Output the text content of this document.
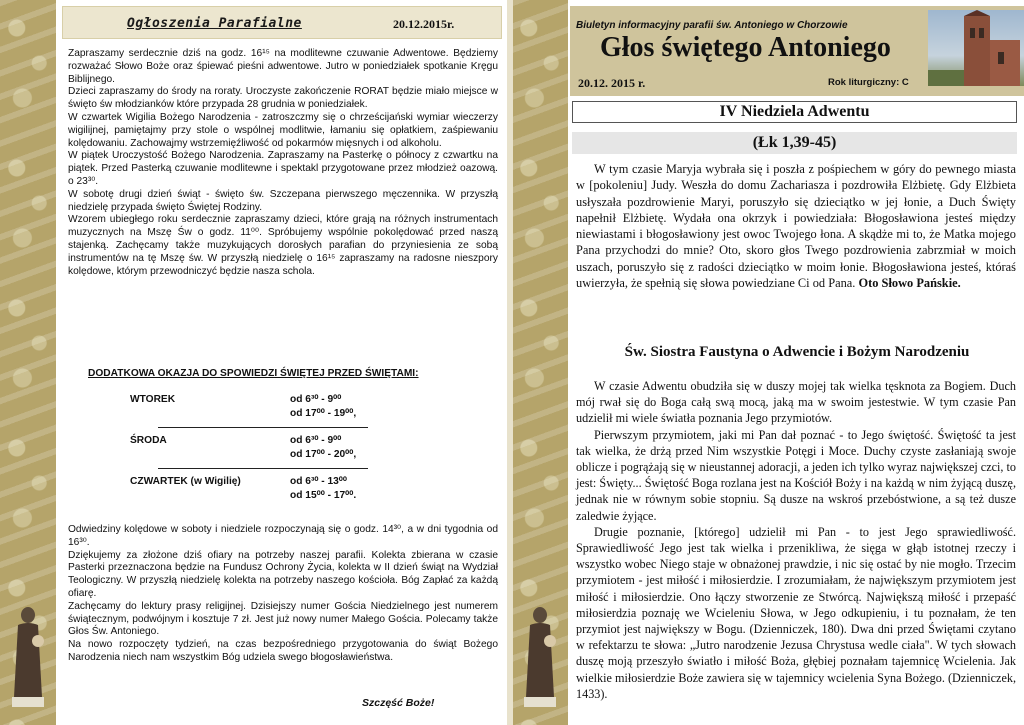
Ogłoszenia Parafialne	20.12.2015r.

Zapraszamy serdecznie dziś na godz. 16¹⁵ na modlitewne czuwanie Adwentowe. Będziemy rozważać Słowo Boże oraz śpiewać pieśni adwentowe. Jutro w poniedziałek spotkanie Kręgu Biblijnego.

Dzieci zapraszamy do środy na roraty. Uroczyste zakończenie RORAT będzie miało miejsce w święto św młodzianków które przypada 28 grudnia w poniedziałek.

W czwartek Wigilia Bożego Narodzenia - zatroszczmy się o chrześcijański wymiar wieczerzy wigilijnej, pamiętajmy przy stole o wspólnej modlitwie, łamaniu się opłatkiem, zaśpiewaniu kolędowaniu. Zachowajmy wstrzemięźliwość od pokarmów mięsnych i od alkoholu.

W piątek Uroczystość Bożego Narodzenia. Zapraszamy na Pasterkę o północy z czwartku na piątek. Przed Pasterką czuwanie modlitewne i spektakl przygotowane przez młodzież oazową. o 23³⁰.

W sobotę drugi dzień świąt - święto św. Szczepana pierwszego męczennika. W przyszłą niedzielę przypada święto Świętej Rodziny.

Wzorem ubiegłego roku serdecznie zapraszamy dzieci, które grają na różnych instrumentach muzycznych na Mszę Św o godz. 11⁰⁰. Spróbujemy wspólnie pokolędować przed naszą stajenką. Zachęcamy także muzykujących dorosłych parafian do przyniesienia ze sobą instrumentów na tę Mszę św. W przyszłą niedzielę o 16¹⁵ zapraszamy na radosne nieszpory kolędowe, którym przewodniczyć będzie nasza schola.

DODATKOWA OKAZJA DO SPOWIEDZI ŚWIĘTEJ PRZED ŚWIĘTAMI:
WTOREK	od 6³⁰ - 9⁰⁰
od 17⁰⁰ - 19⁰⁰,
ŚRODA	od 6³⁰ - 9⁰⁰
od 17⁰⁰ - 20⁰⁰,
CZWARTEK (w Wigilię)	od 6³⁰ - 13⁰⁰
od 15⁰⁰ - 17⁰⁰.

Odwiedziny kolędowe w soboty i niedziele rozpoczynają się o godz. 14³⁰, a w dni tygodnia od 16³⁰.

Dziękujemy za złożone dziś ofiary na potrzeby naszej parafii. Kolekta zbierana w czasie Pasterki przeznaczona będzie na Fundusz Ochrony Życia, kolekta w II dzień świąt na Wydział Teologiczny. W przyszłą niedzielę kolekta na potrzeby naszego kościoła. Bóg Zapłać za każdą ofiarę.

Zachęcamy do lektury prasy religijnej. Dzisiejszy numer Gościa Niedzielnego jest numerem świątecznym, podwójnym i kosztuje 7 zł. Jest już nowy numer Małego Gościa. Polecamy także Głos Św. Antoniego.

Na nowo rozpoczęty tydzień, na czas bezpośredniego przygotowania do świąt Bożego Narodzenia niech nam wszystkim Bóg udziela swego błogosławieństwa.

Szczęść Boże!
Biuletyn informacyjny parafii św. Antoniego w Chorzowie
Głos świętego Antoniego
20.12. 2015 r.	Rok liturgiczny: C
IV Niedziela Adwentu
(Łk 1,39-45)

W tym czasie Maryja wybrała się i poszła z pośpiechem w góry do pewnego miasta w [pokoleniu] Judy. Weszła do domu Zachariasza i pozdrowiła Elżbietę. Gdy Elżbieta usłyszała pozdrowienie Maryi, poruszyło się dzieciątko w jej łonie, a Duch Święty napełnił Elżbietę. Wydała ona okrzyk i powiedziała: Błogosławiona jesteś między niewiastami i błogosławiony jest owoc Twojego łona. A skądże mi to, że Matka mojego Pana przychodzi do mnie? Oto, skoro głos Twego pozdrowienia zabrzmiał w moich uszach, poruszyło się z radości dzieciątko w moim łonie. Błogosławiona jesteś, któraś uwierzyła, że spełnią się słowa powiedziane Ci od Pana. Oto Słowo Pańskie.

Św. Siostra Faustyna o Adwencie i Bożym Narodzeniu

W czasie Adwentu obudziła się w duszy mojej tak wielka tęsknota za Bogiem. Duch mój rwał się do Boga całą swą mocą, jaką ma w swoim jestestwie. W tym czasie Pan udzielił mi wiele światła poznania Jego przymiotów.

Pierwszym przymiotem, jaki mi Pan dał poznać - to Jego świętość. Świętość ta jest tak wielka, że drżą przed Nim wszystkie Potęgi i Moce. Duchy czyste zasłaniają swoje oblicze i pogrążają się w nieustannej adoracji, a jeden ich tylko wyraz największej czci, to jest: Święty... Świętość Boga rozlana jest na Kościół Boży i na każdą w nim żyjącą duszę, jednak nie w równym sobie stopniu. Są dusze na wskroś przebóstwione, a są też dusze zaledwie żyjące.

Drugie poznanie, [którego] udzielił mi Pan - to jest Jego sprawiedliwość. Sprawiedliwość Jego jest tak wielka i przenikliwa, że sięga w głąb istotnej rzeczy i wszystko wobec Niego staje w obnażonej prawdzie, i nic się ostać by nie mogło. Trzecim przymiotem - jest miłość i miłosierdzie. I zrozumiałam, że największym przymiotem jest miłość i miłosierdzie. Ono łączy stworzenie ze Stwórcą. Największą miłość i przepaść miłosierdzia poznaję we Wcieleniu Słowa, w Jego odkupieniu, i tu poznałam, że ten przymiot jest największy w Bogu. (Dzienniczek, 180). Dwa dni przed Świętami czytano w refektarzu te słowa: „Jutro narodzenie Jezusa Chrystusa wedle ciała". W tych słowach duszę moją przeszyło światło i miłość Boża, głębiej poznałam tajemnicę Wcielenia. Jak wielkie miłosierdzie Boże zawiera się w tajemnicy wcielenia Syna Bożego. (Dzienniczek, 1433).
